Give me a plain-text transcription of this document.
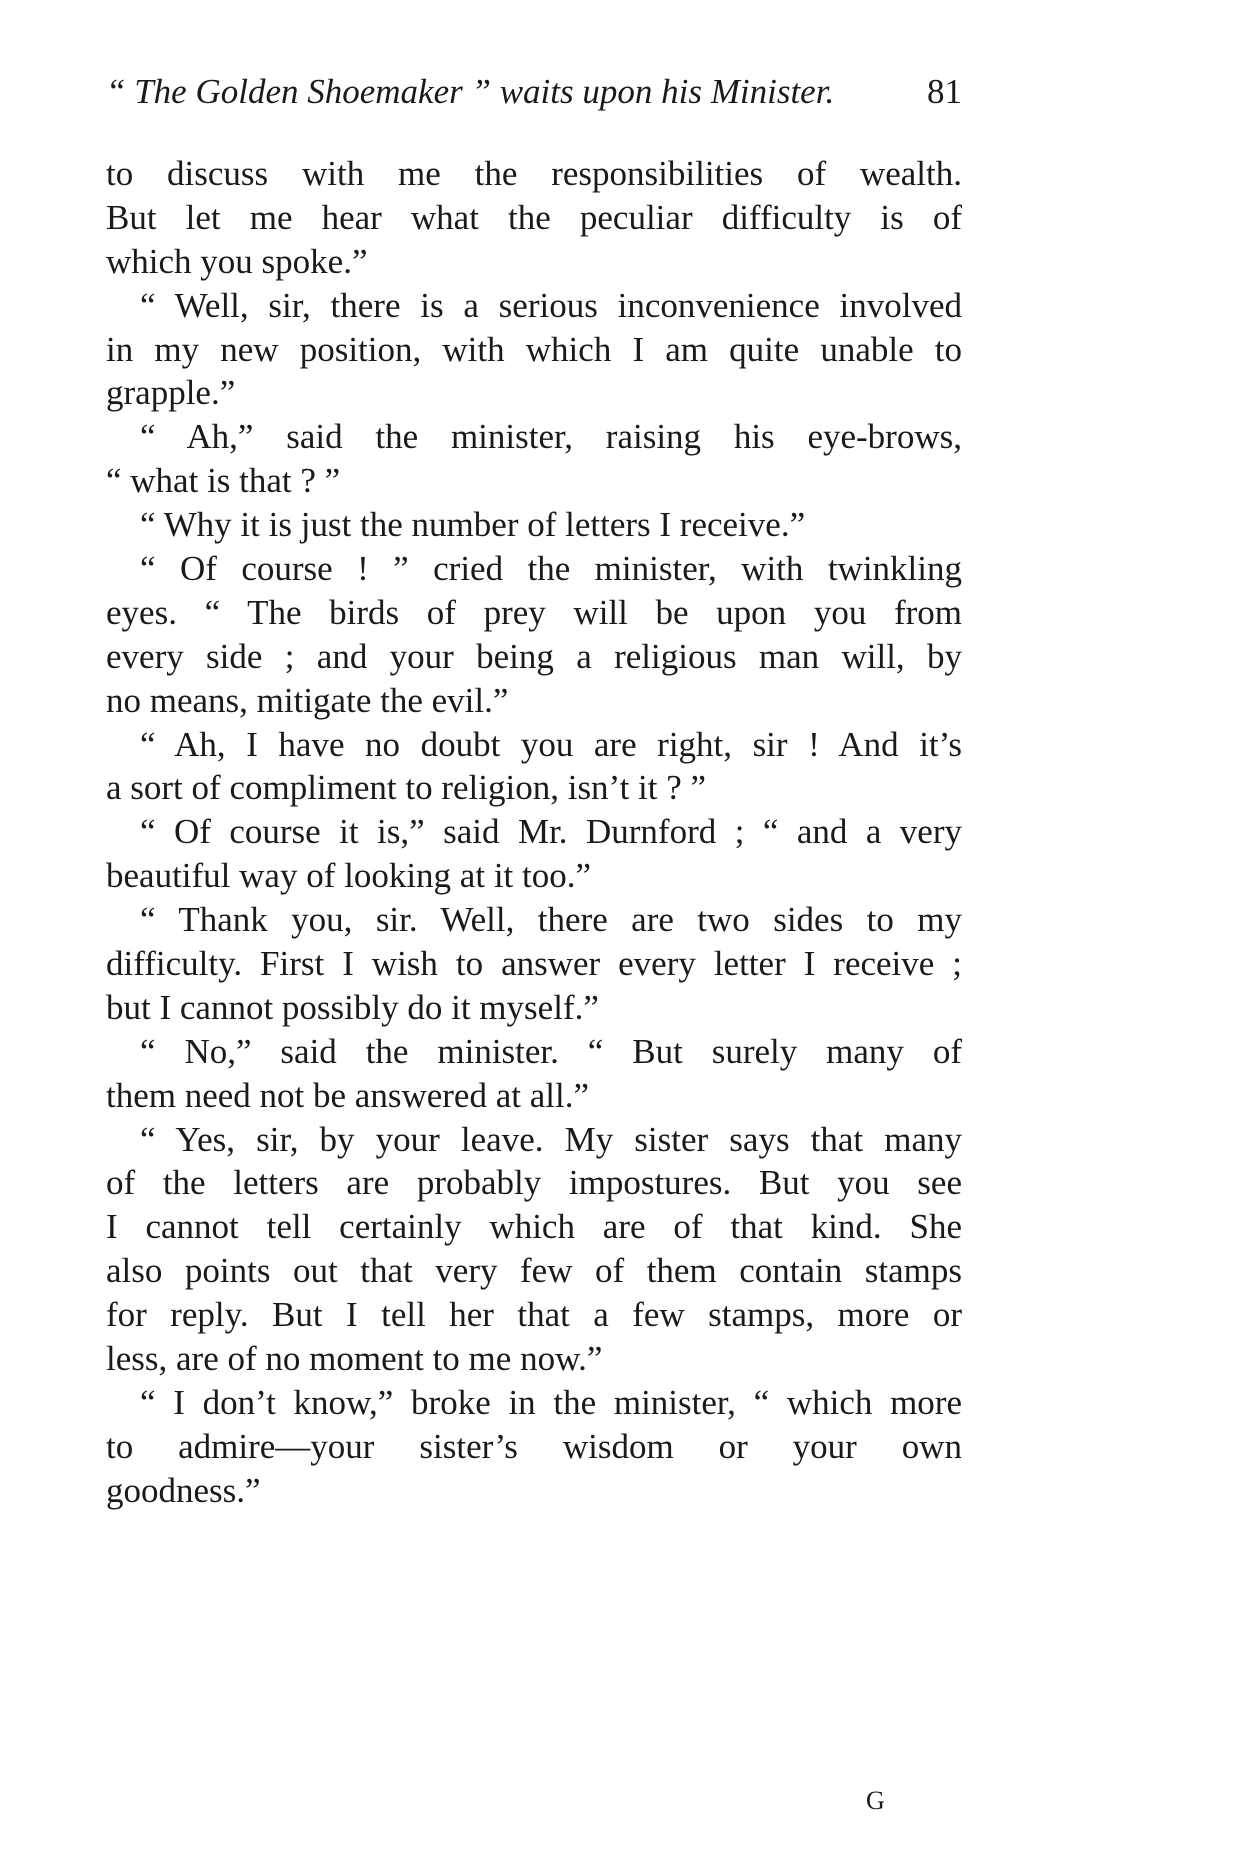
“ The Golden Shoemaker ” waits upon his Minister.	81
to discuss with me the responsibilities of wealth.
But let me hear what the peculiar difficulty is of
which you spoke.”
“ Well, sir, there is a serious inconvenience involved
in my new position, with which I am quite unable to
grapple.”
“ Ah,” said the minister, raising his eye-brows,
“ what is that ? ”
“ Why it is just the number of letters I receive.”
“ Of course ! ” cried the minister, with twinkling
eyes. “ The birds of prey will be upon you from
every side ; and your being a religious man will, by
no means, mitigate the evil.”
“ Ah, I have no doubt you are right, sir ! And it’s
a sort of compliment to religion, isn’t it ? ”
“ Of course it is,” said Mr. Durnford ; “ and a very
beautiful way of looking at it too.”
“ Thank you, sir. Well, there are two sides to my
difficulty. First I wish to answer every letter I receive ;
but I cannot possibly do it myself.”
“ No,” said the minister. “ But surely many of
them need not be answered at all.”
“ Yes, sir, by your leave. My sister says that many
of the letters are probably impostures. But you see
I cannot tell certainly which are of that kind. She
also points out that very few of them contain stamps
for reply. But I tell her that a few stamps, more or
less, are of no moment to me now.”
“ I don’t know,” broke in the minister, “ which more
to admire—your sister’s wisdom or your own
goodness.”
G
